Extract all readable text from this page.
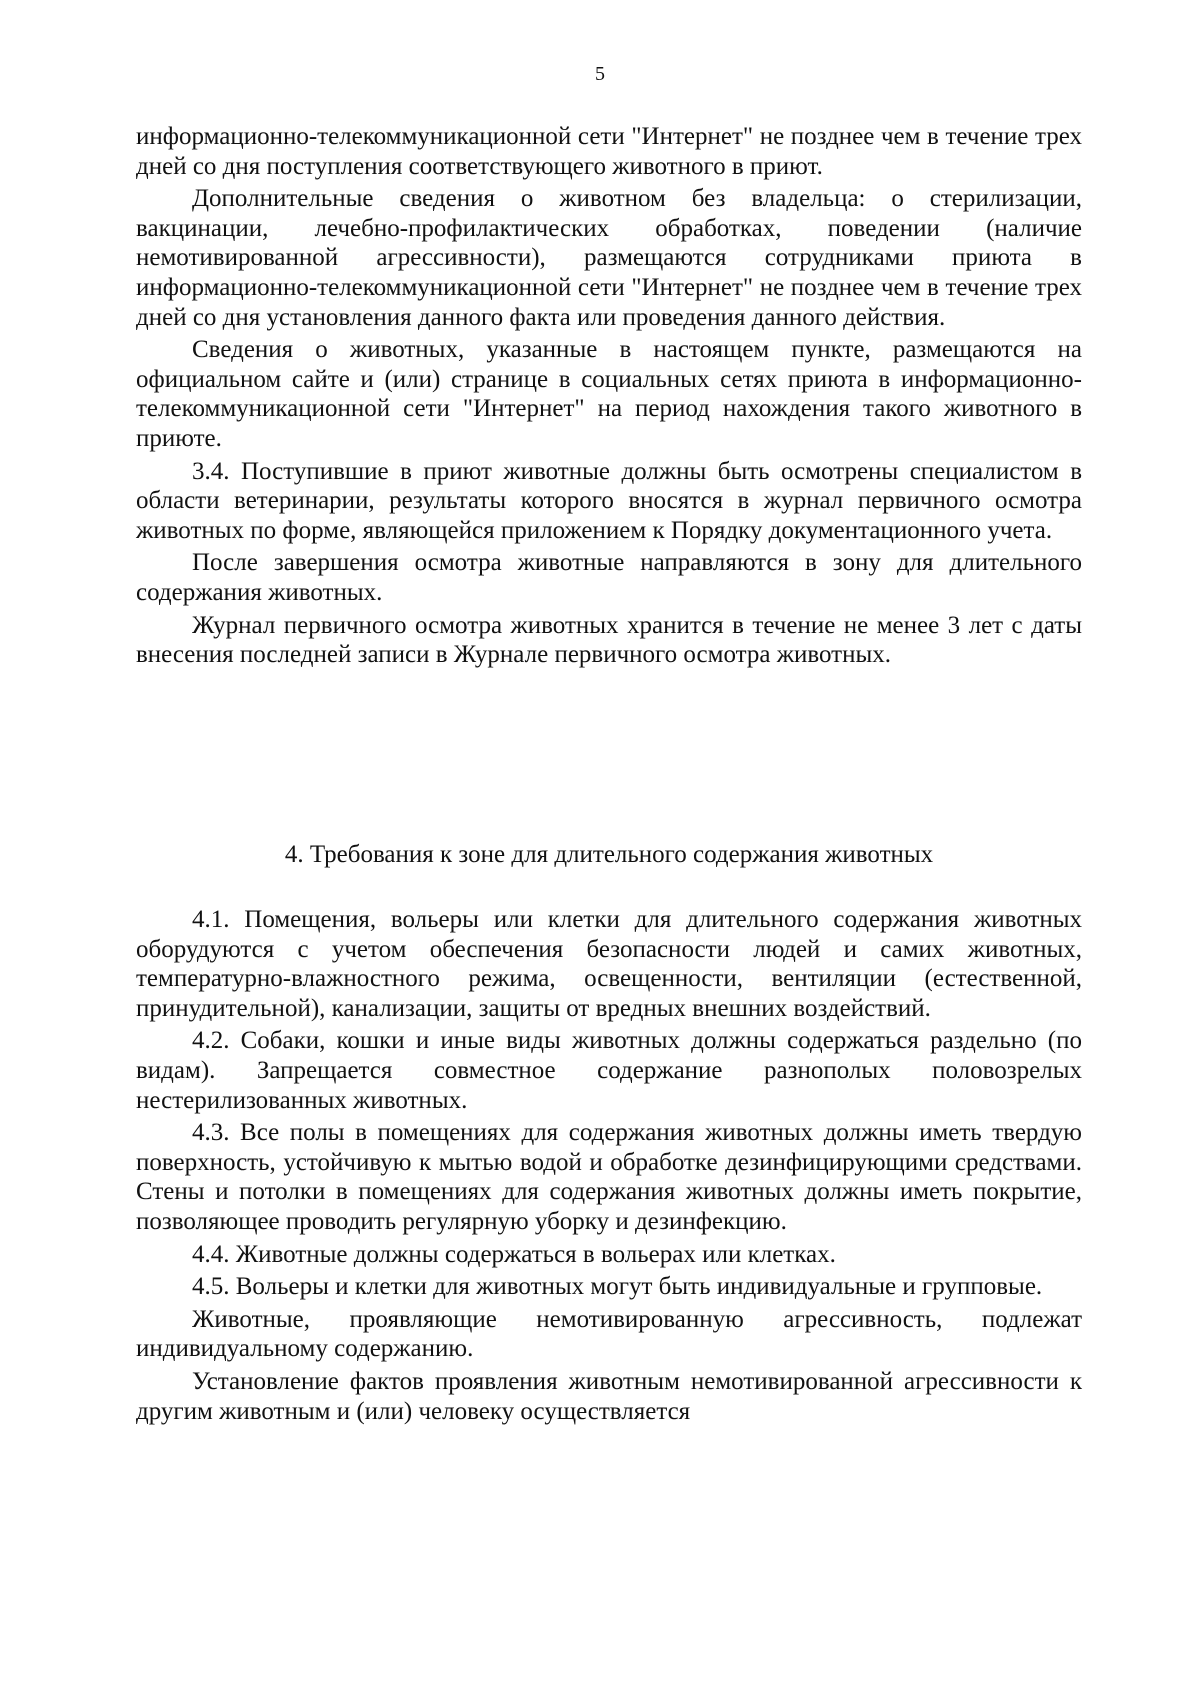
5

информационно-телекоммуникационной сети "Интернет" не позднее чем в течение трех дней со дня поступления соответствующего животного в приют.

Дополнительные сведения о животном без владельца: о стерилизации, вакцинации, лечебно-профилактических обработках, поведении (наличие немотивированной агрессивности), размещаются сотрудниками приюта в информационно-телекоммуникационной сети "Интернет" не позднее чем в течение трех дней со дня установления данного факта или проведения данного действия.

Сведения о животных, указанные в настоящем пункте, размещаются на официальном сайте и (или) странице в социальных сетях приюта в информационно-телекоммуникационной сети "Интернет" на период нахождения такого животного в приюте.

3.4. Поступившие в приют животные должны быть осмотрены специалистом в области ветеринарии, результаты которого вносятся в журнал первичного осмотра животных по форме, являющейся приложением к Порядку документационного учета.

После завершения осмотра животные направляются в зону для длительного содержания животных.

Журнал первичного осмотра животных хранится в течение не менее 3 лет с даты внесения последней записи в Журнале первичного осмотра животных.

4. Требования к зоне для длительного содержания животных

4.1. Помещения, вольеры или клетки для длительного содержания животных оборудуются с учетом обеспечения безопасности людей и самих животных, температурно-влажностного режима, освещенности, вентиляции (естественной, принудительной), канализации, защиты от вредных внешних воздействий.

4.2. Собаки, кошки и иные виды животных должны содержаться раздельно (по видам). Запрещается совместное содержание разнополых половозрелых нестерилизованных животных.

4.3. Все полы в помещениях для содержания животных должны иметь твердую поверхность, устойчивую к мытью водой и обработке дезинфицирующими средствами. Стены и потолки в помещениях для содержания животных должны иметь покрытие, позволяющее проводить регулярную уборку и дезинфекцию.

4.4. Животные должны содержаться в вольерах или клетках.

4.5. Вольеры и клетки для животных могут быть индивидуальные и групповые.

Животные, проявляющие немотивированную агрессивность, подлежат индивидуальному содержанию.

Установление фактов проявления животным немотивированной агрессивности к другим животным и (или) человеку осуществляется
